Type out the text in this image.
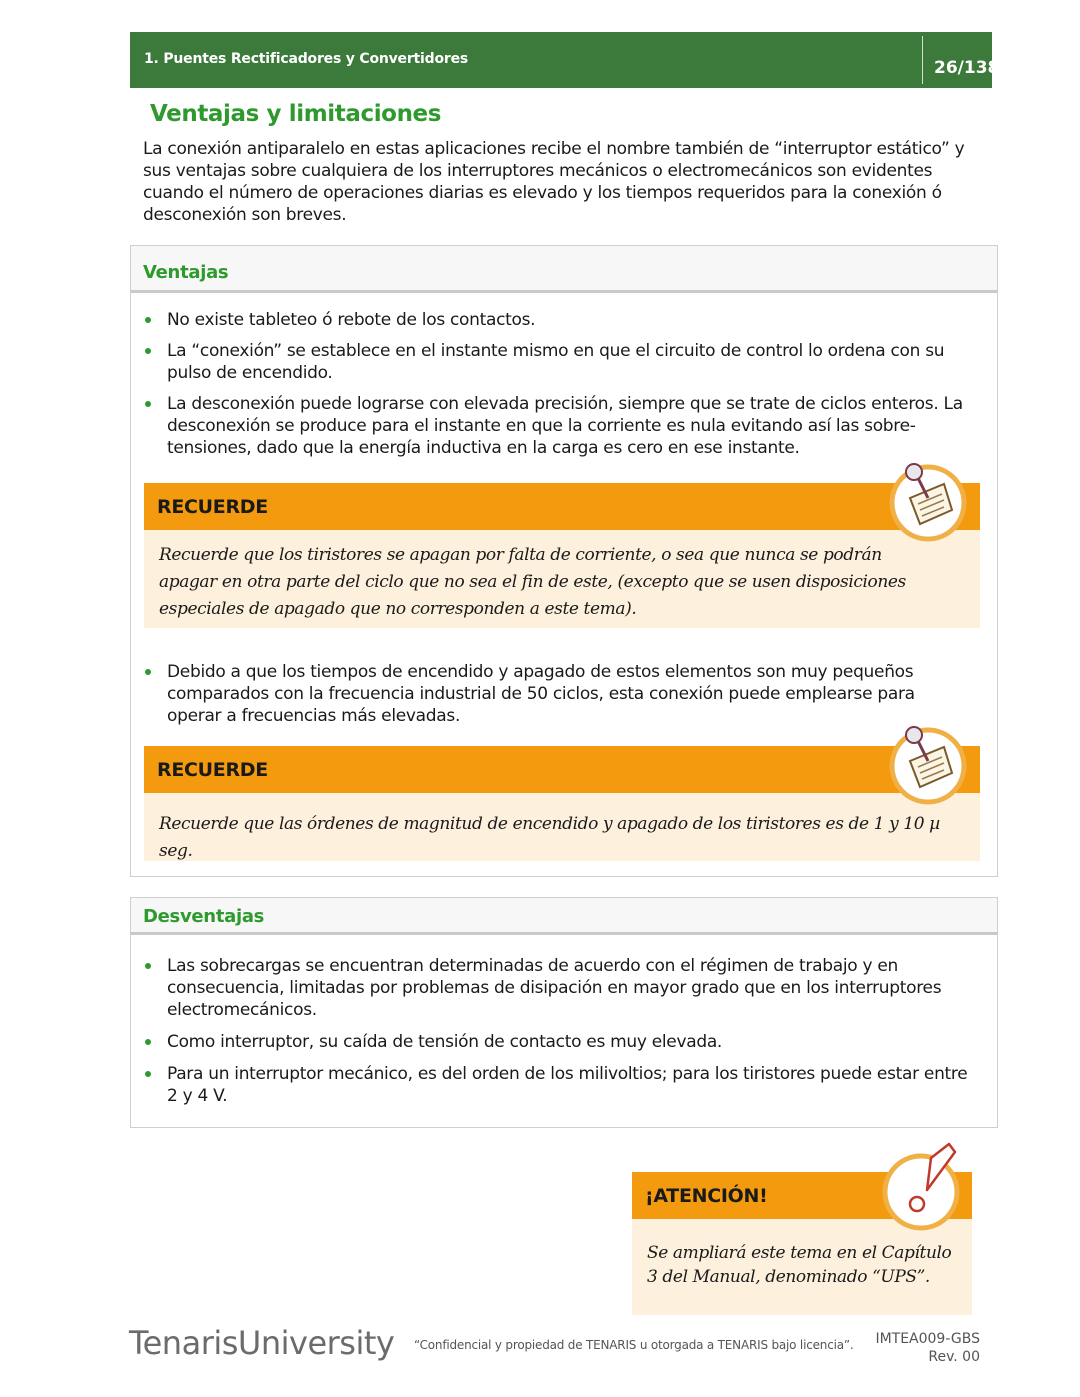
1. Puentes Rectificadores y Convertidores	26/138
Ventajas y limitaciones

La conexión antiparalelo en estas aplicaciones recibe el nombre también de “interruptor estático” y sus ventajas sobre cualquiera de los interruptores mecánicos o electromecánicos son evidentes cuando el número de operaciones diarias es elevado y los tiempos requeridos para la conexión ó desconexión son breves.

Ventajas
No existe tableteo ó rebote de los contactos.
La “conexión” se establece en el instante mismo en que el circuito de control lo ordena con su pulso de encendido.
La desconexión puede lograrse con elevada precisión, siempre que se trate de ciclos enteros. La desconexión se produce para el instante en que la corriente es nula evitando así las sobre-tensiones, dado que la energía inductiva en la carga es cero en ese instante.
RECUERDE
Recuerde que los tiristores se apagan por falta de corriente, o sea que nunca se podrán apagar en otra parte del ciclo que no sea el fin de este, (excepto que se usen disposiciones especiales de apagado que no corresponden a este tema).
Debido a que los tiempos de encendido y apagado de estos elementos son muy pequeños comparados con la frecuencia industrial de 50 ciclos, esta conexión puede emplearse para operar a frecuencias más elevadas.
RECUERDE
Recuerde que las órdenes de magnitud de encendido y apagado de los tiristores es de 1 y 10 µ seg.
Desventajas
Las sobrecargas se encuentran determinadas de acuerdo con el régimen de trabajo y en consecuencia, limitadas por problemas de disipación en mayor grado que en los interruptores electromecánicos.
Como interruptor, su caída de tensión de contacto es muy elevada.
Para un interruptor mecánico, es del orden de los milivoltios; para los tiristores puede estar entre 2 y 4 V.
¡ATENCIÓN!
Se ampliará este tema en el Capítulo 3 del Manual, denominado “UPS”.
TenarisUniversity “Confidencial y propiedad de TENARIS u otorgada a TENARIS bajo licencia”. IMTEA009-GBS
Rev. 00
